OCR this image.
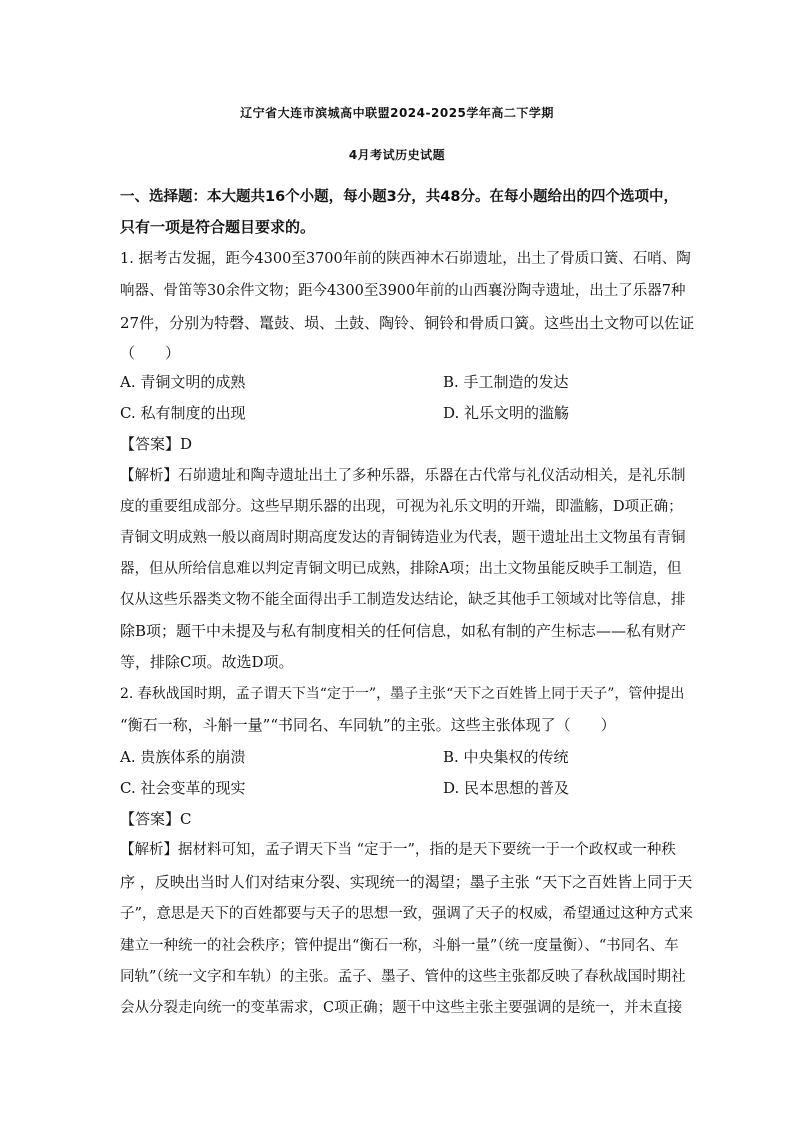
辽宁省大连市滨城高中联盟2024-2025学年高二下学期
4月考试历史试题
一、选择题：本大题共16个小题，每小题3分，共48分。在每小题给出的四个选项中，
只有一项是符合题目要求的。
1. 据考古发掘，距今4300至3700年前的陕西神木石峁遗址，出土了骨质口簧、石哨、陶
响器、骨笛等30余件文物；距今4300至3900年前的山西襄汾陶寺遗址，出土了乐器7种
27件，分别为特磬、鼍鼓、埙、土鼓、陶铃、铜铃和骨质口簧。这些出土文物可以佐证
（　　）
A. 青铜文明的成熟	B. 手工制造的发达
C. 私有制度的出现	D. 礼乐文明的滥觞
【答案】D
【解析】石峁遗址和陶寺遗址出土了多种乐器，乐器在古代常与礼仪活动相关，是礼乐制
度的重要组成部分。这些早期乐器的出现，可视为礼乐文明的开端，即滥觞，D项正确；
青铜文明成熟一般以商周时期高度发达的青铜铸造业为代表，题干遗址出土文物虽有青铜
器，但从所给信息难以判定青铜文明已成熟，排除A项；出土文物虽能反映手工制造，但
仅从这些乐器类文物不能全面得出手工制造发达结论，缺乏其他手工领域对比等信息，排
除B项；题干中未提及与私有制度相关的任何信息，如私有制的产生标志——私有财产
等，排除C项。故选D项。
2. 春秋战国时期，孟子谓天下当“定于一”，墨子主张“天下之百姓皆上同于天子”，管仲提出
“衡石一称，斗斛一量”“书同名、车同轨”的主张。这些主张体现了（　　）
A. 贵族体系的崩溃	B. 中央集权的传统
C. 社会变革的现实	D. 民本思想的普及
【答案】C
【解析】据材料可知，孟子谓天下当 “定于一”，指的是天下要统一于一个政权或一种秩
序 ，反映出当时人们对结束分裂、实现统一的渴望；墨子主张 “天下之百姓皆上同于天
子”，意思是天下的百姓都要与天子的思想一致，强调了天子的权威，希望通过这种方式来
建立一种统一的社会秩序；管仲提出“衡石一称，斗斛一量”（统一度量衡）、“书同名、车
同轨”（统一文字和车轨）的主张。孟子、墨子、管仲的这些主张都反映了春秋战国时期社
会从分裂走向统一的变革需求，C项正确；题干中这些主张主要强调的是统一，并未直接
